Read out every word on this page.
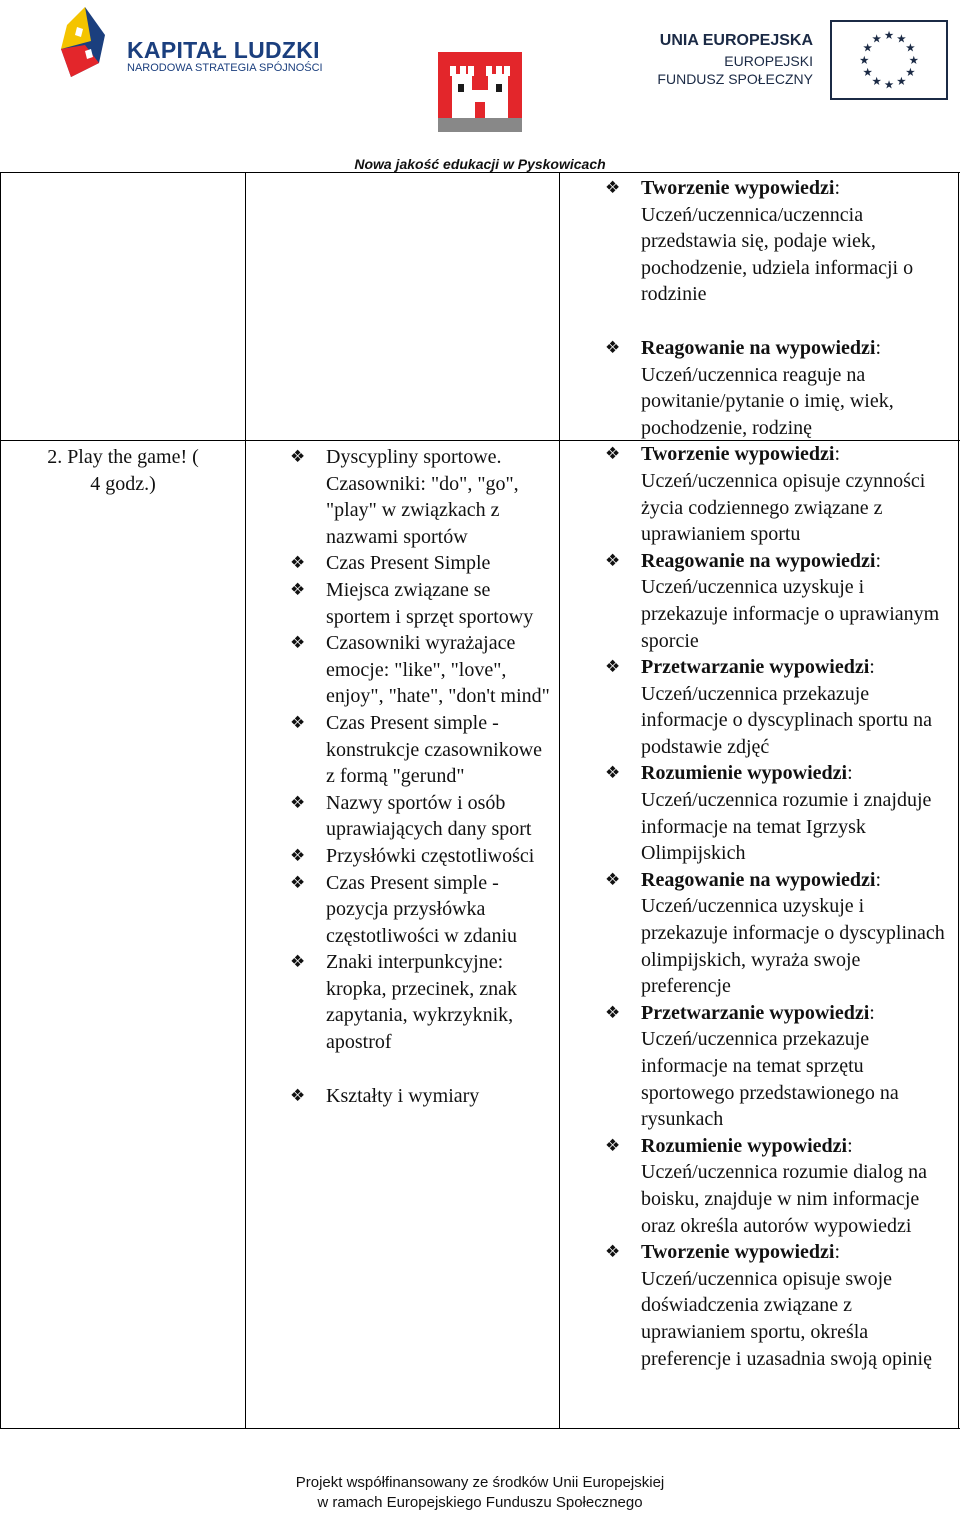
KAPITAŁ LUDZKI
NARODOWA STRATEGIA SPÓJNOŚCI
UNIA EUROPEJSKA
EUROPEJSKI
FUNDUSZ SPOŁECZNY
★ ★
★
★
★
★
★
★
★
★
★
★
Nowa jakość edukacji w Pyskowicach
2. Play the game! ( 4 godz.)
❖ Dyscypliny sportowe. Czasowniki: "do", "go", "play" w związkach z nazwami sportów
❖ Czas Present Simple
❖ Miejsca związane se sportem i sprzęt sportowy
❖ Czasowniki wyrażajace emocje: "like", "love", enjoy", "hate", "don't mind"
❖ Czas Present simple - konstrukcje czasownikowe z formą "gerund"
❖ Nazwy sportów i osób uprawiających dany sport
❖ Przysłówki częstotliwości
❖ Czas Present simple - pozycja przysłówka częstotliwości w zdaniu
❖ Znaki interpunkcyjne: kropka, przecinek, znak zapytania, wykrzyknik, apostrof
❖ Kształty i wymiary
❖ Tworzenie wypowiedzi:
Uczeń/uczennica/uczenncia przedstawia się, podaje wiek, pochodzenie, udziela informacji o rodzinie
❖ Reagowanie na wypowiedzi:
Uczeń/uczennica reaguje na powitanie/pytanie o imię, wiek, pochodzenie, rodzinę
❖ Tworzenie wypowiedzi:
Uczeń/uczennica opisuje czynności życia codziennego związane z uprawianiem sportu
❖ Reagowanie na wypowiedzi:
Uczeń/uczennica uzyskuje i przekazuje informacje o uprawianym sporcie
❖ Przetwarzanie wypowiedzi:
Uczeń/uczennica przekazuje informacje o dyscyplinach sportu na podstawie zdjęć
❖ Rozumienie wypowiedzi:
Uczeń/uczennica rozumie i znajduje informacje na temat Igrzysk Olimpijskich
❖ Reagowanie na wypowiedzi:
Uczeń/uczennica uzyskuje i przekazuje informacje o dyscyplinach olimpijskich, wyraża swoje preferencje
❖ Przetwarzanie wypowiedzi:
Uczeń/uczennica przekazuje informacje na temat sprzętu sportowego przedstawionego na rysunkach
❖ Rozumienie wypowiedzi:
Uczeń/uczennica rozumie dialog na boisku, znajduje w nim informacje oraz określa autorów wypowiedzi
❖ Tworzenie wypowiedzi:
Uczeń/uczennica opisuje swoje doświadczenia związane z uprawianiem sportu, określa preferencje i uzasadnia swoją opinię
Projekt współfinansowany ze środków Unii Europejskiej
w ramach Europejskiego Funduszu Społecznego
